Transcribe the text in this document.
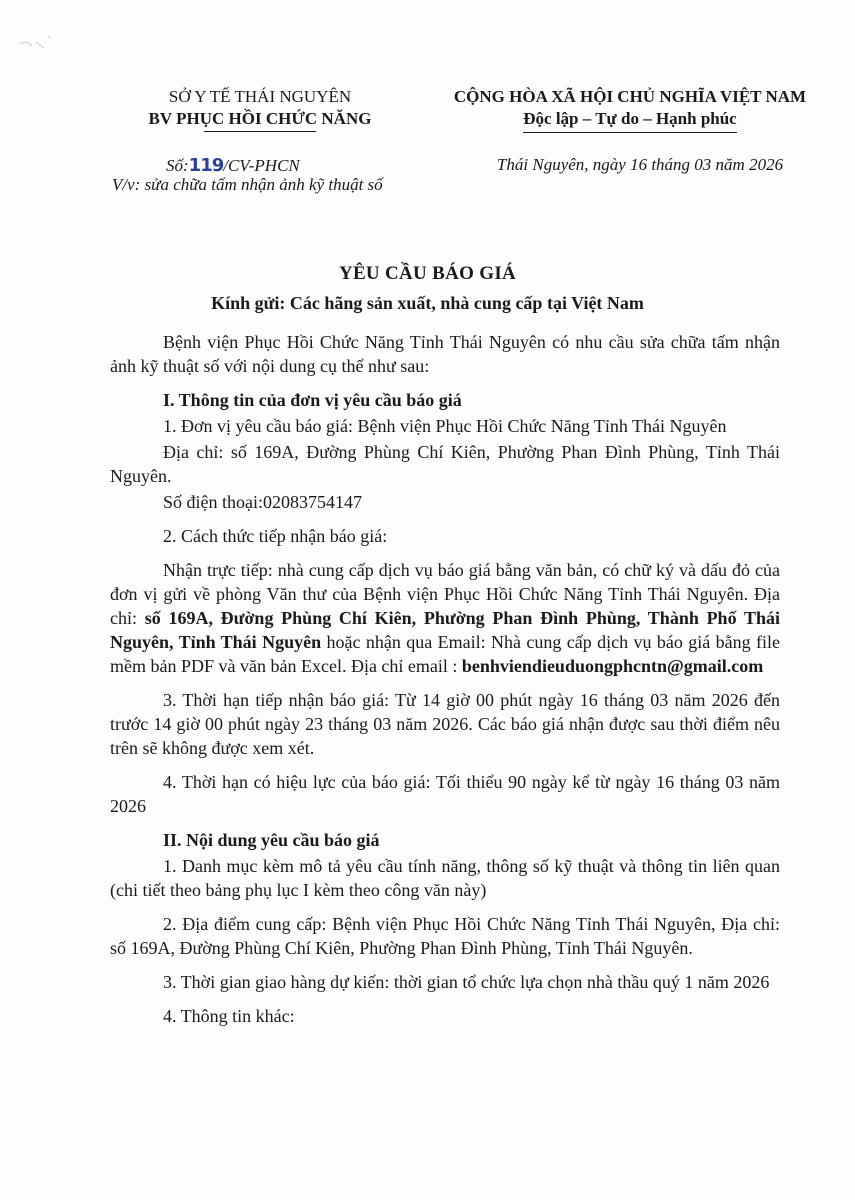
SỞ Y TẾ THÁI NGUYÊN
BV PHỤC HỒI CHỨC NĂNG
CỘNG HÒA XÃ HỘI CHỦ NGHĨA VIỆT NAM
Độc lập – Tự do – Hạnh phúc
Số:119/CV-PHCN
V/v: sửa chữa tấm nhận ảnh kỹ thuật số
Thái Nguyên, ngày 16 tháng 03 năm 2026
YÊU CẦU BÁO GIÁ
Kính gửi: Các hãng sản xuất, nhà cung cấp tại Việt Nam

Bệnh viện Phục Hồi Chức Năng Tỉnh Thái Nguyên có nhu cầu sửa chữa tấm nhận ảnh kỹ thuật số với nội dung cụ thể như sau:

I. Thông tin của đơn vị yêu cầu báo giá

1. Đơn vị yêu cầu báo giá: Bệnh viện Phục Hồi Chức Năng Tỉnh Thái Nguyên

Địa chỉ: số 169A, Đường Phùng Chí Kiên, Phường Phan Đình Phùng, Tỉnh Thái Nguyên.

Số điện thoại:02083754147

2. Cách thức tiếp nhận báo giá:

Nhận trực tiếp: nhà cung cấp dịch vụ báo giá bằng văn bản, có chữ ký và dấu đỏ của đơn vị gửi về phòng Văn thư của Bệnh viện Phục Hồi Chức Năng Tỉnh Thái Nguyên. Địa chỉ: số 169A, Đường Phùng Chí Kiên, Phường Phan Đình Phùng, Thành Phố Thái Nguyên, Tỉnh Thái Nguyên hoặc nhận qua Email: Nhà cung cấp dịch vụ báo giá bằng file mềm bản PDF và văn bản Excel. Địa chỉ email : benhviendieuduongphcntn@gmail.com

3. Thời hạn tiếp nhận báo giá: Từ 14 giờ 00 phút ngày 16 tháng 03 năm 2026 đến trước 14 giờ 00 phút ngày 23 tháng 03 năm 2026. Các báo giá nhận được sau thời điểm nêu trên sẽ không được xem xét.

4. Thời hạn có hiệu lực của báo giá: Tối thiểu 90 ngày kể từ ngày 16 tháng 03 năm 2026

II. Nội dung yêu cầu báo giá

1. Danh mục kèm mô tả yêu cầu tính năng, thông số kỹ thuật và thông tin liên quan (chi tiết theo bảng phụ lục I kèm theo công văn này)

2. Địa điểm cung cấp: Bệnh viện Phục Hồi Chức Năng Tỉnh Thái Nguyên, Địa chỉ: số 169A, Đường Phùng Chí Kiên, Phường Phan Đình Phùng, Tỉnh Thái Nguyên.

3. Thời gian giao hàng dự kiến: thời gian tổ chức lựa chọn nhà thầu quý 1 năm 2026

4. Thông tin khác:
